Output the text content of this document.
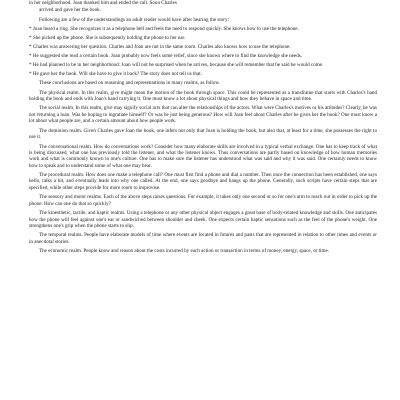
in her neighborhood. Joan thanked him and ended the call. Soon Charles

arrived and gave her the book.

Following are a few of the understandings an adult reader would have after hearing the story:

* Joan heard a ring. She recognizes it as a telephone bell and feels the need to respond quickly. She knows how to use the telephone.

* She picked up the phone. She is subsequently holding the phone to her ear.

* Charles was answering her question. Charles and Joan are not in the same room. Charles also knows how to use the telephone.

* He suggested she read a certain book. Joan probably now feels some relief, since she knows where to find the knowledge she needs.

* He had planned to be in her neighborhood: Joan will not be surprised when he arrives, because she will remember that he said he would come.

* He gave her the book. Will she have to give it back? The story does not tell us that.

These conclusions are based on reasoning and representations in many realms, as follow.

The physical realm. In this realm, give might mean the motion of the book through space. This could be represented as a transframe that starts with Charles's hand holding the book and ends with Joan's hand carrying it. One must know a lot about physical things and how they behave in space and time.

The social realm. In this realm, give may signify social acts that can alter the relationships of the actors. What were Charles's motives or his attitudes? Clearly, he was not returning a loan. Was he hoping to ingratiate himself? Or was he just being generous? How will Joan feel about Charles after he gives her the book? One must know a lot about what people are, and a certain amount about how people work.

The dominion realm. Given Charles gave Joan the book, one infers not only that Joan is holding the book, but also that, at least for a time, she possesses the right to use it.

The conversational realm. How do conversations work? Consider how many elaborate skills are involved in a typical verbal exchange. One has to keep track of what is being discussed, what one has previously told the listener, and what the listener knows. Thus conversations are partly based on knowledge of how human memories work and what is commonly known in one's culture. One has to make sure the listener has understood what was said and why it was said. One certainly needs to know how to speak and to understand some of what one may hear.

The procedural realm. How does one make a telephone call? One must first find a phone and dial a number. Then once the connection has been established, one says hello, talks a bit, and eventually leads into why one called. At the end, one says goodbye and hangs up the phone. Generally, such scripts have certain steps that are specified, while other steps provide for more room to improvise.

The sensory and motor realms. Each of the above steps raises questions. For example, it takes only one second or so for one's arm to reach out in order to pick up the phone. How can one do that so quickly?

The kinesthetic, tactile, and haptic realms. Using a telephone or any other physical object engages a great base of body-related knowledge and skills. One anticipates how the phone will feel against one's ear or sandwiched between shoulder and cheek. One expects certain haptic sensations such as the feel of the phone's weight. One strengthens one's grip when the phone starts to slip.

The temporal realms. People have elaborate models of time where events are located in futures and pasts that are represented in relation to other times and events or in anecdotal stories.

The economic realm. People know and reason about the costs incurred by each action or transaction in terms of money, energy, space, or time.
